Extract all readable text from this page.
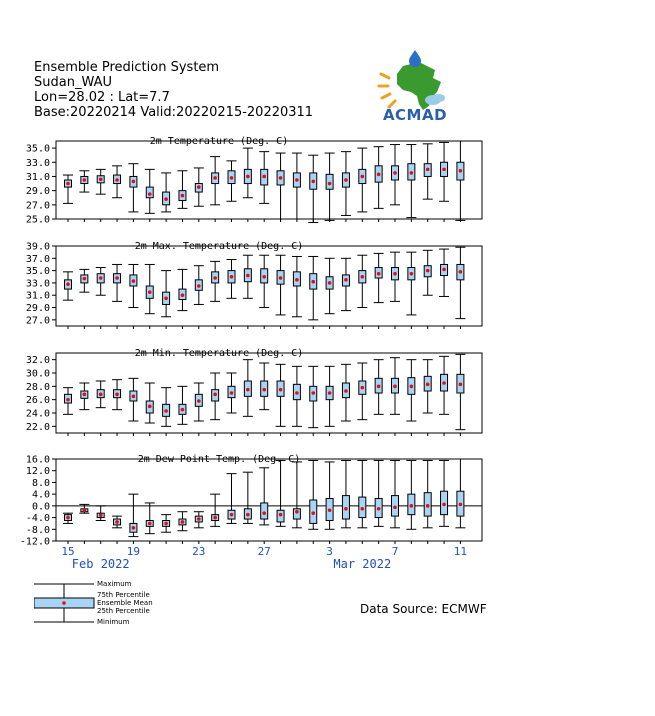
Ensemble Prediction System
Sudan_WAU
Lon=28.02 : Lat=7.7
Base:20220214 Valid:20220215-20220311	ACMAD
2m Temperature (Deg. C)
25.0
27.0
29.0
31.0
33.0
35.0
2m Max. Temperature (Deg. C)
27.0
29.0
31.0
33.0
35.0
37.0
39.0
2m Min. Temperature (Deg. C)
22.0
24.0
26.0
28.0
30.0
32.0
2m Dew Point Temp. (Deg. C)
-12.0
-8.0
-4.0
0.0
4.0
8.0
12.0
16.0
15	19	23	27	3	7	11
Feb 2022	Mar 2022
Maximum
75th Percentile
Ensemble Mean
25th Percentile
Minimum
Data Source: ECMWF
